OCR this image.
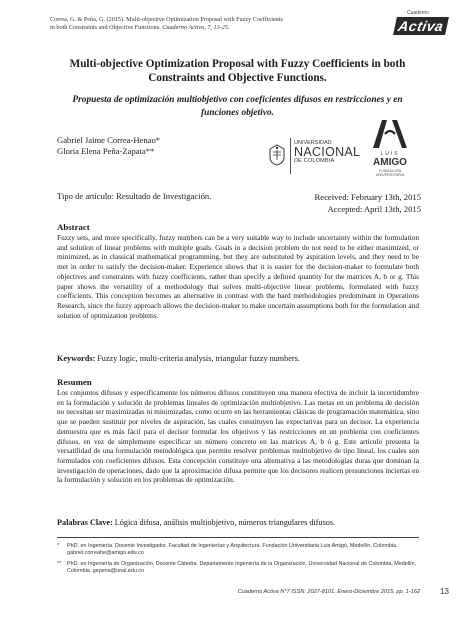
Correa, G. & Peña, G. (2015). Multi-objective Optimization Proposal with Fuzzy Coefficients
in both Constraints and Objective Functions. Cuaderno Activa, 7, 13-25.
Cuaderno
Activa
Multi-objective Optimization Proposal with Fuzzy Coefficients in both Constraints and Objective Functions.
Propuesta de optimización multiobjetivo con coeficientes difusos en restricciones y en funciones objetivo.
Gabriel Jaime Correa-Henao*
Gloria Elena Peña-Zapata**
UNIVERSIDAD
NACIONAL
DE COLOMBIA
LUIS
AMIGO
FUNDACIÓN UNIVERSITARIA
Tipo de artículo: Resultado de Investigación.	Received: February 13th, 2015
Accepted: April 13th, 2015
Abstract
Fuzzy sets, and more specifically, fuzzy numbers can be a very suitable way to include uncertainty within the formulation and solution of linear problems with multiple goals. Goals in a decision problem do not need to be either maximized, or minimized, as in classical mathematical programming, but they are substituted by aspiration levels, and they need to be met in order to satisfy the decision-maker. Experience shows that it is easier for the decision-maker to formulate both objectives and constraints with fuzzy coefficients, rather than specify a defined quantity for the matrices A, b or g. This paper shows the versatility of a methodology that solves multi-objective linear problems, formulated with fuzzy coefficients. This conception becomes an alternative in contrast with the hard methodologies predominant in Operations Research, since the fuzzy approach allows the decision-maker to make uncertain assumptions both for the formulation and solution of optimization problems.
Keywords: Fuzzy logic, multi-criteria analysis, triangular fuzzy numbers.
Resumen
Los conjuntos difusos y específicamente los números difusos constituyen una manera efectiva de incluir la incertidumbre en la formulación y solución de problemas lineales de optimización multiobjetivo. Las metas en un problema de decisión no necesitan ser maximizadas ni minimizadas, como ocurre en las herramientas clásicas de programación matemática, sino que se pueden sustituir por niveles de aspiración, las cuales constituyen las expectativas para un decisor. La experiencia demuestra que es más fácil para el decisor formular los objetivos y las restricciones en un problema con coeficientes difusos, en vez de simplemente especificar un número concreto en las matrices A, b ó g. Este artículo presenta la versatilidad de una formulación metodológica que permite resolver problemas multiobjetivo de tipo lineal, los cuales son formulados con coeficientes difusos. Esta concepción constituye una alternativa a las metodologías duras que dominan la investigación de operaciones, dado que la aproximación difusa permite que los decisores realicen presunciones inciertas en la formulación y solución en los problemas de optimización.
Palabras Clave: Lógica difusa, análisis multiobjetivo, números triangulares difusos.
* PhD. en Ingeniería. Docente Investigador. Facultad de Ingenierías y Arquitectura. Fundación Universitaria Luis Amigó, Medellín, Colombia. gabriel.correahe@amigo.edu.co
** PhD. en Ingeniería de Organización. Docente Cátedra. Departamento Ingeniería de la Organización. Universidad Nacional de Colombia, Medellín, Colombia. gepena@unal.edu.co
Cuaderno Activa N°7 ISSN: 2027-8101. Enero-Diciembre 2015. pp. 1-162	13
